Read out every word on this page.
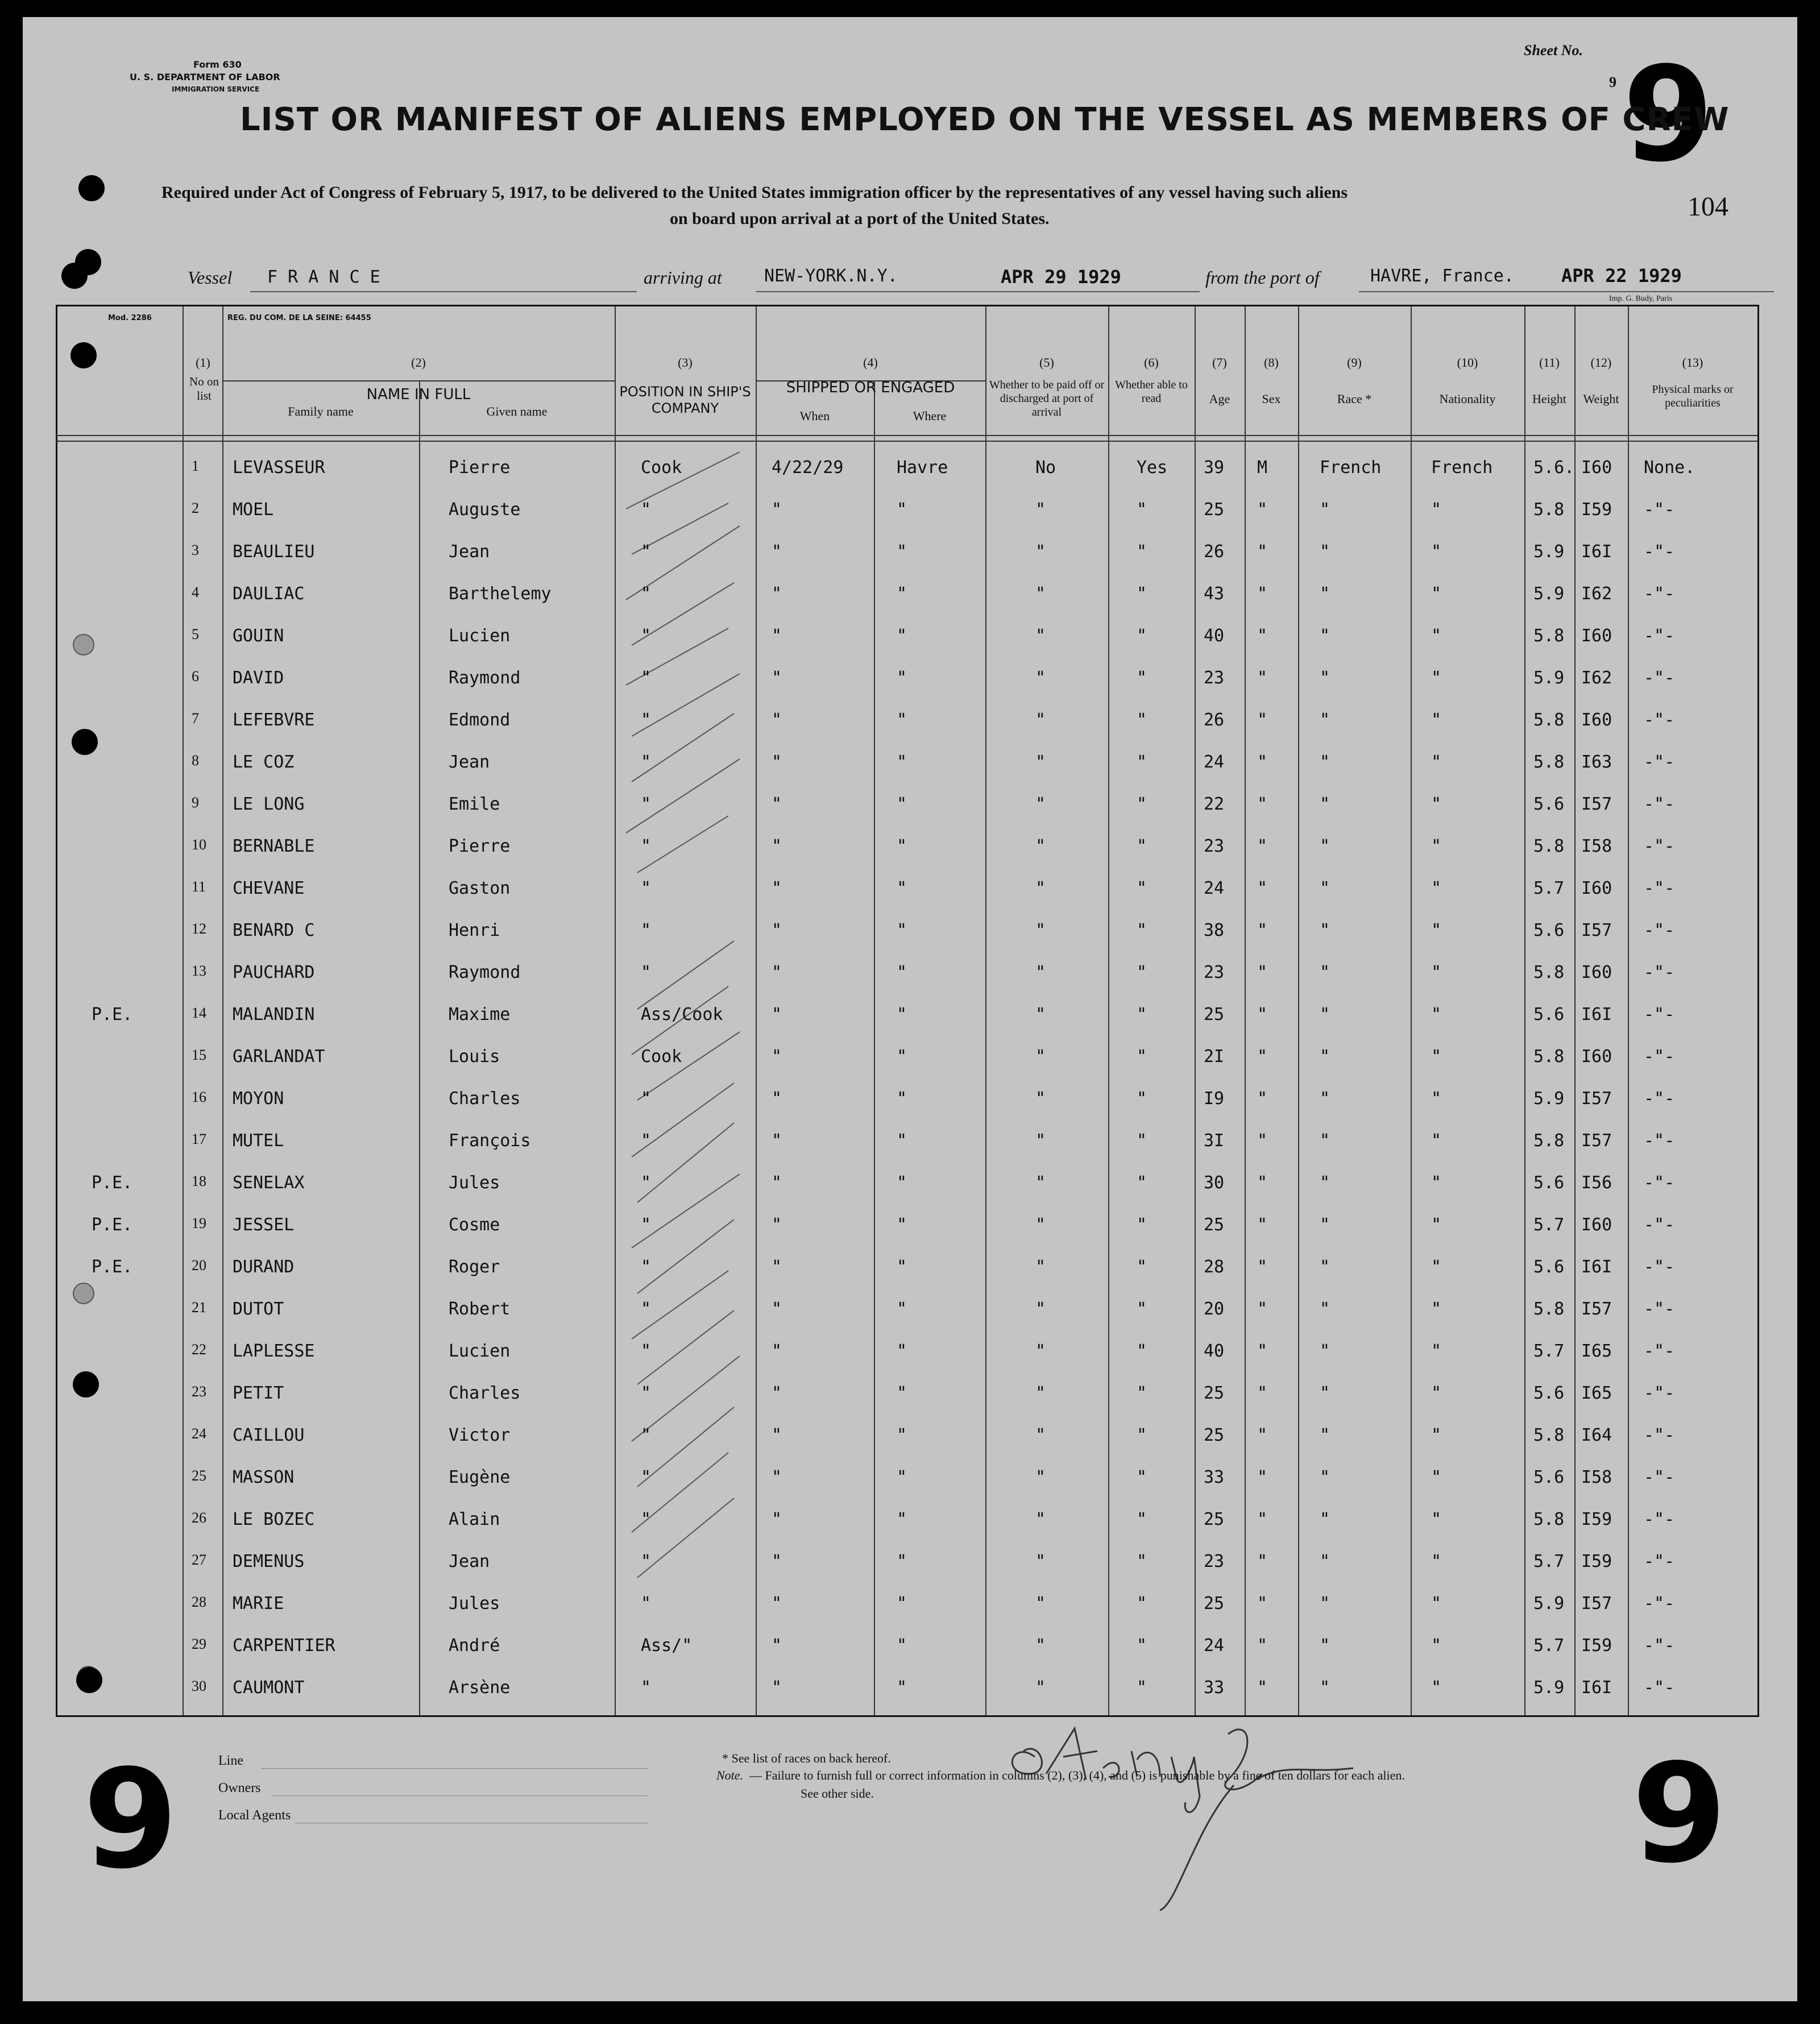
Form 630
U. S. DEPARTMENT OF LABOR
IMMIGRATION SERVICE
Sheet No.
9 9
104
LIST OR MANIFEST OF ALIENS EMPLOYED ON THE VESSEL AS MEMBERS OF CREW
Required under Act of Congress of February 5, 1917, to be delivered to the United States immigration officer by the representatives of any vessel having such aliens
on board upon arrival at a port of the United States.
Vessel F R A N C E	arriving at NEW-YORK.N.Y.	APR 29 1929	from the port of	HAVRE, France.	APR 22 1929
Mod. 2286	REG. DU COM. DE LA SEINE: 64455
Imp. G. Budy, Paris
(1)
No on list
(2)
NAME IN FULL
Family name	Given name
(3)
POSITION IN SHIP'S COMPANY
(4)
SHIPPED OR ENGAGED
When	Where
(5)
Whether to be paid off or discharged at port of arrival
(6)
Whether able to read
(7)
Age
(8)
Sex
(9)
Race *
(10)
Nationality
(11)
Height
(12)
Weight
(13)
Physical marks or peculiarities
1 LEVASSEUR	Pierre	Cook	4/22/29	Havre	No	Yes 39 M	French	French 5.6. I60 None.
2 MOEL	Auguste	"	"	"	"	"	25 "	"	"	5.8 I59 -"-
3 BEAULIEU	Jean	"	"	"	"	"	26 "	"	"	5.9 I6I -"-
4 DAULIAC	Barthelemy	"	"	"	"	"	43 "	"	"	5.9 I62 -"-
5 GOUIN	Lucien	"	"	"	"	"	40 "	"	"	5.8 I60 -"-
6 DAVID	Raymond	"	"	"	"	"	23 "	"	"	5.9 I62 -"-
7 LEFEBVRE	Edmond	"	"	"	"	"	26 "	"	"	5.8 I60 -"-
8 LE COZ	Jean	"	"	"	"	"	24 "	"	"	5.8 I63 -"-
9 LE LONG	Emile	"	"	"	"	"	22 "	"	"	5.6 I57 -"-
10 BERNABLE	Pierre	"	"	"	"	"	23 "	"	"	5.8 I58 -"-
11 CHEVANE	Gaston	"	"	"	"	"	24 "	"	"	5.7 I60 -"-
12 BENARD C	Henri	"	"	"	"	"	38 "	"	"	5.6 I57 -"-
13 PAUCHARD	Raymond	"	"	"	"	"	23 "	"	"	5.8 I60 -"-
P.E.	14 MALANDIN	Maxime	Ass/Cook	"	"	"	"	25 "	"	"	5.6 I6I -"-
15 GARLANDAT	Louis	Cook	"	"	"	"	2I "	"	"	5.8 I60 -"-
16 MOYON	Charles	"	"	"	"	"	I9 "	"	"	5.9 I57 -"-
17 MUTEL	François	"	"	"	"	"	3I "	"	"	5.8 I57 -"-
P.E.	18 SENELAX	Jules	"	"	"	"	"	30 "	"	"	5.6 I56 -"-
P.E.	19 JESSEL	Cosme	"	"	"	"	"	25 "	"	"	5.7 I60 -"-
P.E.	20 DURAND	Roger	"	"	"	"	"	28 "	"	"	5.6 I6I -"-
21 DUTOT	Robert	"	"	"	"	"	20 "	"	"	5.8 I57 -"-
22 LAPLESSE	Lucien	"	"	"	"	"	40 "	"	"	5.7 I65 -"-
23 PETIT	Charles	"	"	"	"	"	25 "	"	"	5.6 I65 -"-
24 CAILLOU	Victor	"	"	"	"	"	25 "	"	"	5.8 I64 -"-
25 MASSON	Eugène	"	"	"	"	"	33 "	"	"	5.6 I58 -"-
26 LE BOZEC	Alain	"	"	"	"	"	25 "	"	"	5.8 I59 -"-
27 DEMENUS	Jean	"	"	"	"	"	23 "	"	"	5.7 I59 -"-
28 MARIE	Jules	"	"	"	"	"	25 "	"	"	5.9 I57 -"-
29 CARPENTIER	André	Ass/"	"	"	"	"	24 "	"	"	5.7 I59 -"-
30 CAUMONT	Arsène	"	"	"	"	"	33 "	"	"	5.9 I6I -"-
Line
Owners
Local Agents
* See list of races on back hereof.
Note. — Failure to furnish full or correct information in columns (2), (3), (4), and (5) is punishable by a fine of ten dollars for each alien.
See other side.
9	9
